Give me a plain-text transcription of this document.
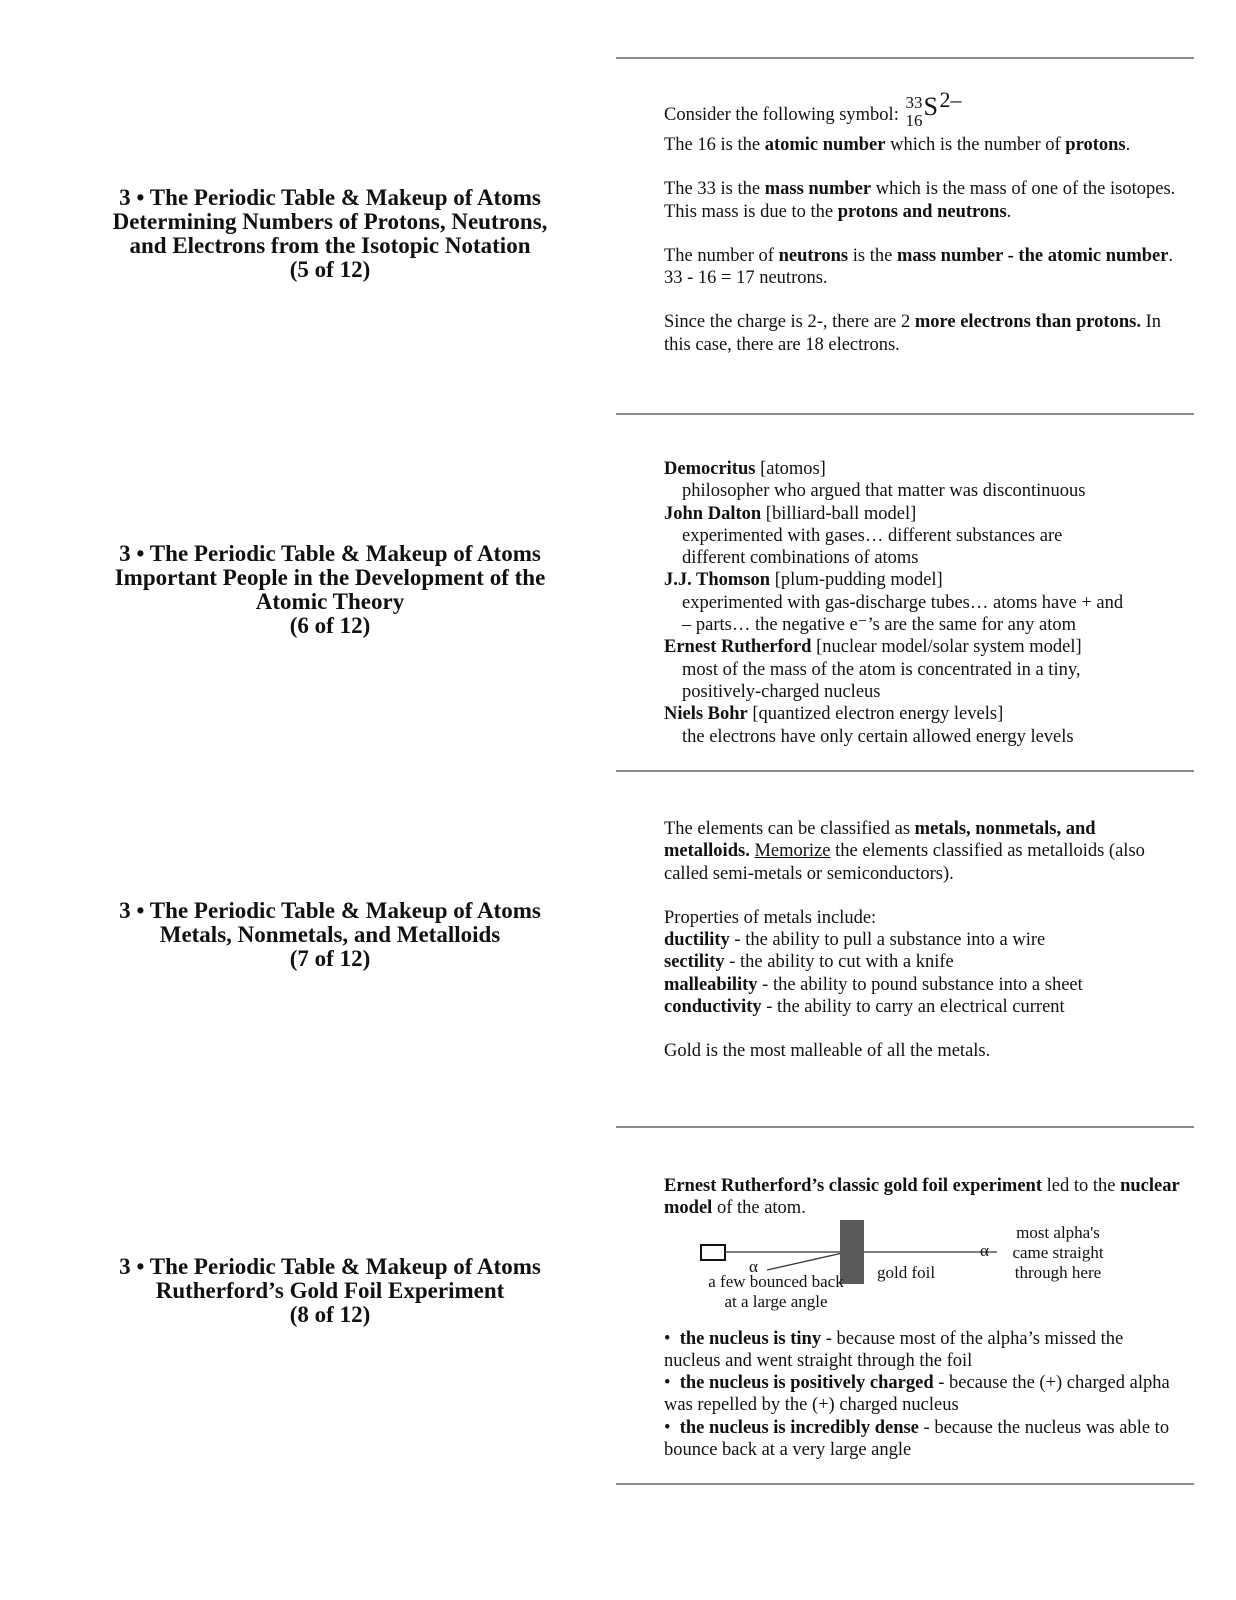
3 • The Periodic Table & Makeup of Atoms
Determining Numbers of Protons, Neutrons,
and Electrons from the Isotopic Notation
(5 of 12)

Consider the following symbol:
33
16 S 2–

The 16 is the atomic number which is the number of protons.

The 33 is the mass number which is the mass of one of the isotopes. This mass is due to the protons and neutrons.

The number of neutrons is the mass number - the atomic number. 33 - 16 = 17 neutrons.

Since the charge is 2-, there are 2 more electrons than protons. In this case, there are 18 electrons.

3 • The Periodic Table & Makeup of Atoms
Important People in the Development of the
Atomic Theory
(6 of 12)

Democritus [atomos]

philosopher who argued that matter was discontinuous

John Dalton [billiard-ball model]

experimented with gases… different substances are

different combinations of atoms

J.J. Thomson [plum-pudding model]

experimented with gas-discharge tubes… atoms have + and

– parts… the negative e⁻’s are the same for any atom

Ernest Rutherford [nuclear model/solar system model]

most of the mass of the atom is concentrated in a tiny,

positively-charged nucleus

Niels Bohr [quantized electron energy levels]

the electrons have only certain allowed energy levels

3 • The Periodic Table & Makeup of Atoms
Metals, Nonmetals, and Metalloids
(7 of 12)

The elements can be classified as metals, nonmetals, and metalloids. Memorize the elements classified as metalloids (also called semi-metals or semiconductors).

Properties of metals include:

ductility - the ability to pull a substance into a wire

sectility - the ability to cut with a knife

malleability - the ability to pound substance into a sheet

conductivity - the ability to carry an electrical current

Gold is the most malleable of all the metals.

3 • The Periodic Table & Makeup of Atoms
Rutherford’s Gold Foil Experiment
(8 of 12)

Ernest Rutherford’s classic gold foil experiment led to the nuclear model of the atom.

α
α
a few bounced back
at a large angle
gold foil
most alpha's
came straight
through here

• the nucleus is tiny - because most of the alpha’s missed the nucleus and went straight through the foil

• the nucleus is positively charged - because the (+) charged alpha was repelled by the (+) charged nucleus

• the nucleus is incredibly dense - because the nucleus was able to bounce back at a very large angle
